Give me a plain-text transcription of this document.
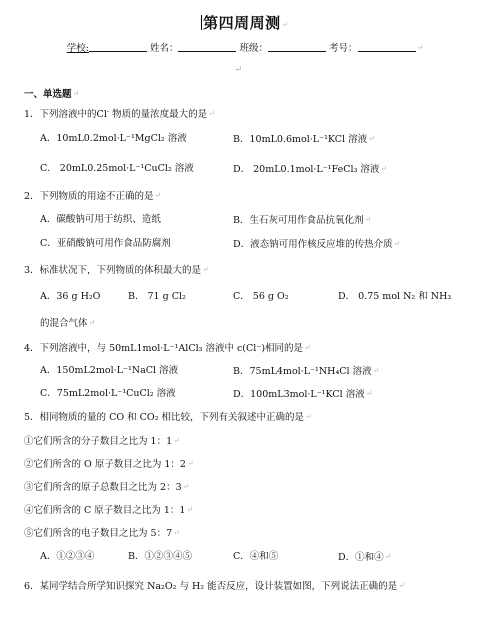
第四周周测↵
学校:	姓名：	班级：	考号：	↵
↵
一、单选题↵
1．下列溶液中的Cl- 物质的量浓度最大的是↵
A．10mL0.2mol·L⁻¹MgCl₂ 溶液	B．10mL0.6mol·L⁻¹KCl 溶液↵
C． 20mL0.25mol·L⁻¹CuCl₂ 溶液	D． 20mL0.1mol·L⁻¹FeCl₃ 溶液↵
2．下列物质的用途不正确的是↵
A．碳酸钠可用于纺织、造纸	B．生石灰可用作食品抗氧化剂↵
C．亚硝酸钠可用作食品防腐剂	D．液态钠可用作核反应堆的传热介质↵
3．标准状况下，下列物质的体积最大的是↵
A．36 g H₂O	B． 71 g Cl₂	C． 56 g O₂	D． 0.75 mol N₂ 和 NH₃
的混合气体↵
4．下列溶液中，与 50mL1mol·L⁻¹AlCl₃ 溶液中 c(Cl⁻)相同的是↵
A．150mL2mol·L⁻¹NaCl 溶液	B．75mL4mol·L⁻¹NH₄Cl 溶液↵
C．75mL2mol·L⁻¹CuCl₂ 溶液	D．100mL3mol·L⁻¹KCl 溶液↵
5．相同物质的量的 CO 和 CO₂ 相比较，下列有关叙述中正确的是↵
①它们所含的分子数目之比为 1：1↵
②它们所含的 O 原子数目之比为 1：2↵
③它们所含的原子总数目之比为 2：3↵
④它们所含的 C 原子数目之比为 1：1↵
⑤它们所含的电子数目之比为 5：7↵
A．①②③④	B．①②③④⑤	C．④和⑤	D．①和④↵
6．某同学结合所学知识探究 Na₂O₂ 与 H₂ 能否反应，设计装置如图，下列说法正确的是↵
